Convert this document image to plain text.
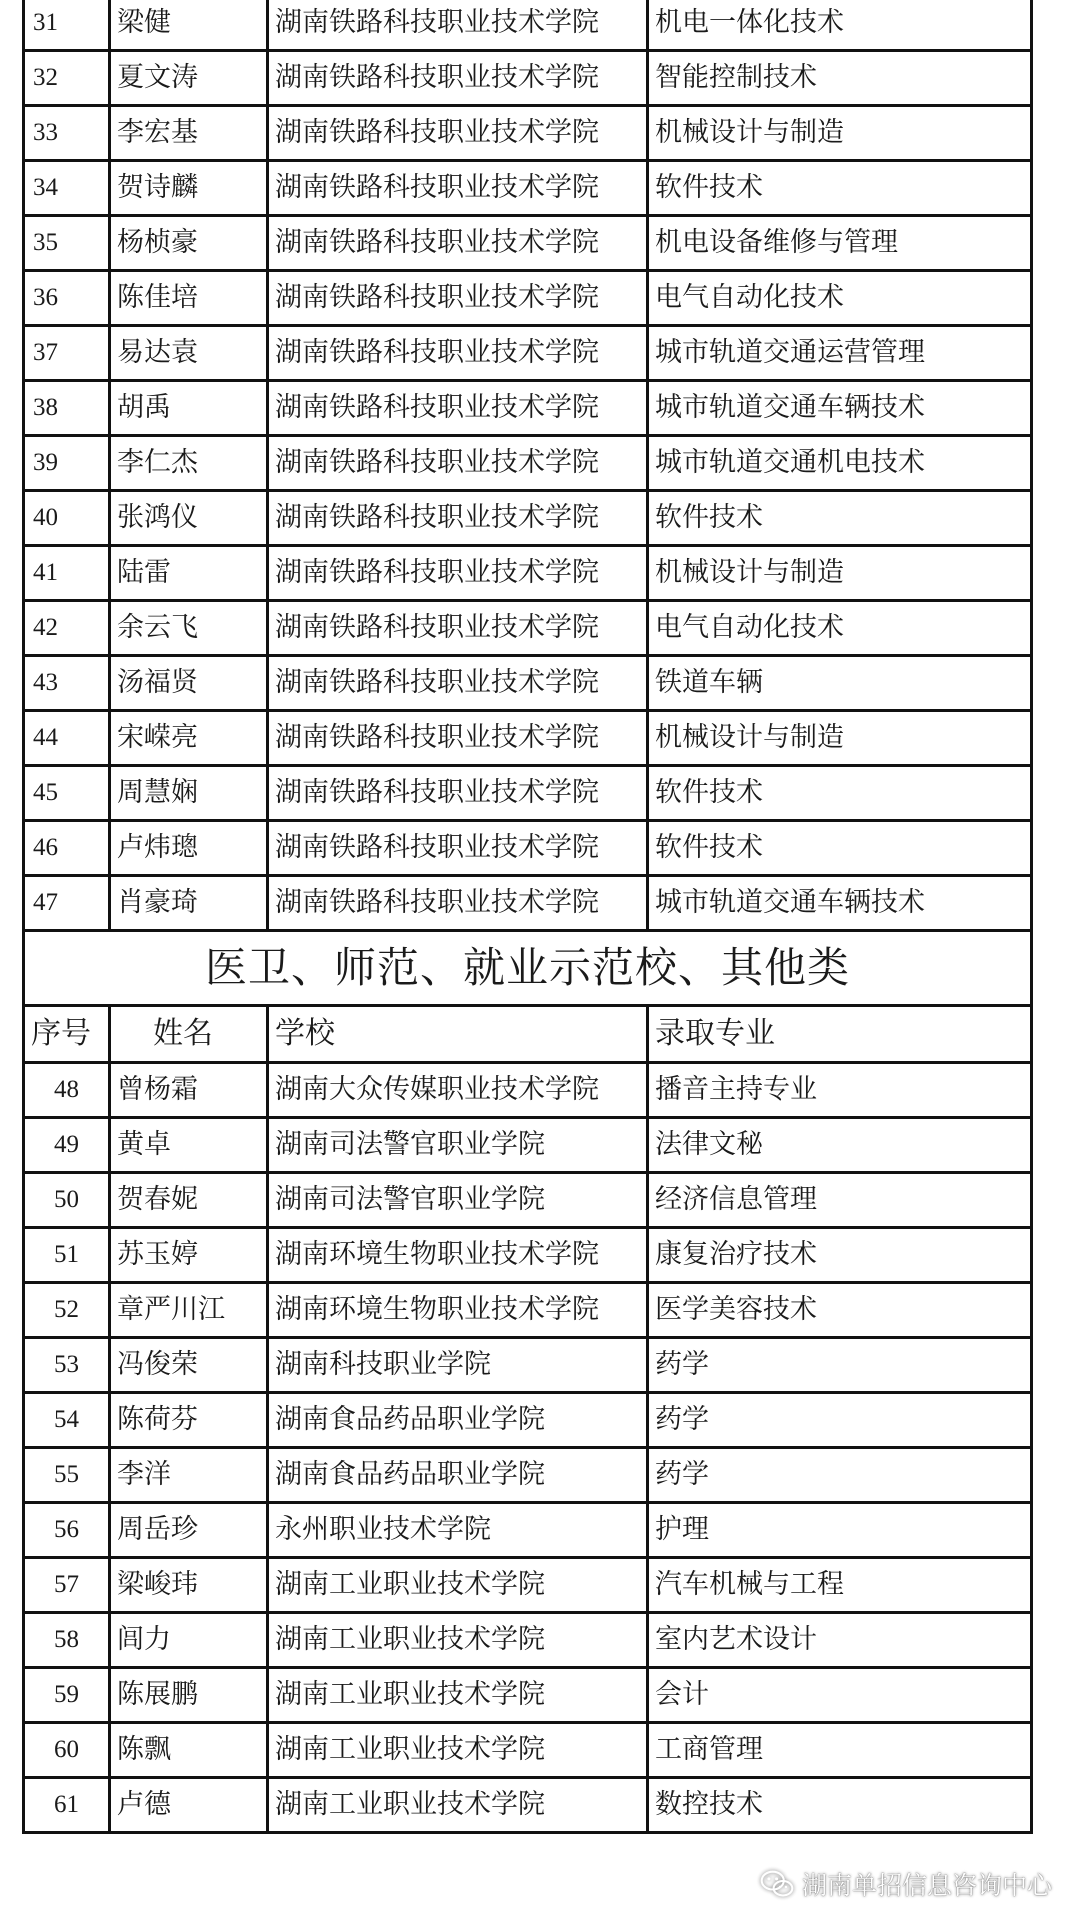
31	梁健	湖南铁路科技职业技术学院	机电一体化技术
32	夏文涛	湖南铁路科技职业技术学院	智能控制技术
33	李宏基	湖南铁路科技职业技术学院	机械设计与制造
34	贺诗麟	湖南铁路科技职业技术学院	软件技术
35	杨桢豪	湖南铁路科技职业技术学院	机电设备维修与管理
36	陈佳培	湖南铁路科技职业技术学院	电气自动化技术
37	易达袁	湖南铁路科技职业技术学院	城市轨道交通运营管理
38	胡禹	湖南铁路科技职业技术学院	城市轨道交通车辆技术
39	李仁杰	湖南铁路科技职业技术学院	城市轨道交通机电技术
40	张鸿仪	湖南铁路科技职业技术学院	软件技术
41	陆雷	湖南铁路科技职业技术学院	机械设计与制造
42	余云飞	湖南铁路科技职业技术学院	电气自动化技术
43	汤福贤	湖南铁路科技职业技术学院	铁道车辆
44	宋嵘亮	湖南铁路科技职业技术学院	机械设计与制造
45	周慧娴	湖南铁路科技职业技术学院	软件技术
46	卢炜璁	湖南铁路科技职业技术学院	软件技术
47	肖豪琦	湖南铁路科技职业技术学院	城市轨道交通车辆技术
医卫、师范、就业示范校、其他类			
序号	姓名	学校	录取专业
48	曾杨霜	湖南大众传媒职业技术学院	播音主持专业
49	黄卓	湖南司法警官职业学院	法律文秘
50	贺春妮	湖南司法警官职业学院	经济信息管理
51	苏玉婷	湖南环境生物职业技术学院	康复治疗技术
52	章严川江	湖南环境生物职业技术学院	医学美容技术
53	冯俊荣	湖南科技职业学院	药学
54	陈荷芬	湖南食品药品职业学院	药学
55	李洋	湖南食品药品职业学院	药学
56	周岳珍	永州职业技术学院	护理
57	梁峻玮	湖南工业职业技术学院	汽车机械与工程
58	闾力	湖南工业职业技术学院	室内艺术设计
59	陈展鹏	湖南工业职业技术学院	会计
60	陈飘	湖南工业职业技术学院	工商管理
61	卢德	湖南工业职业技术学院	数控技术
湖南单招信息咨询中心
